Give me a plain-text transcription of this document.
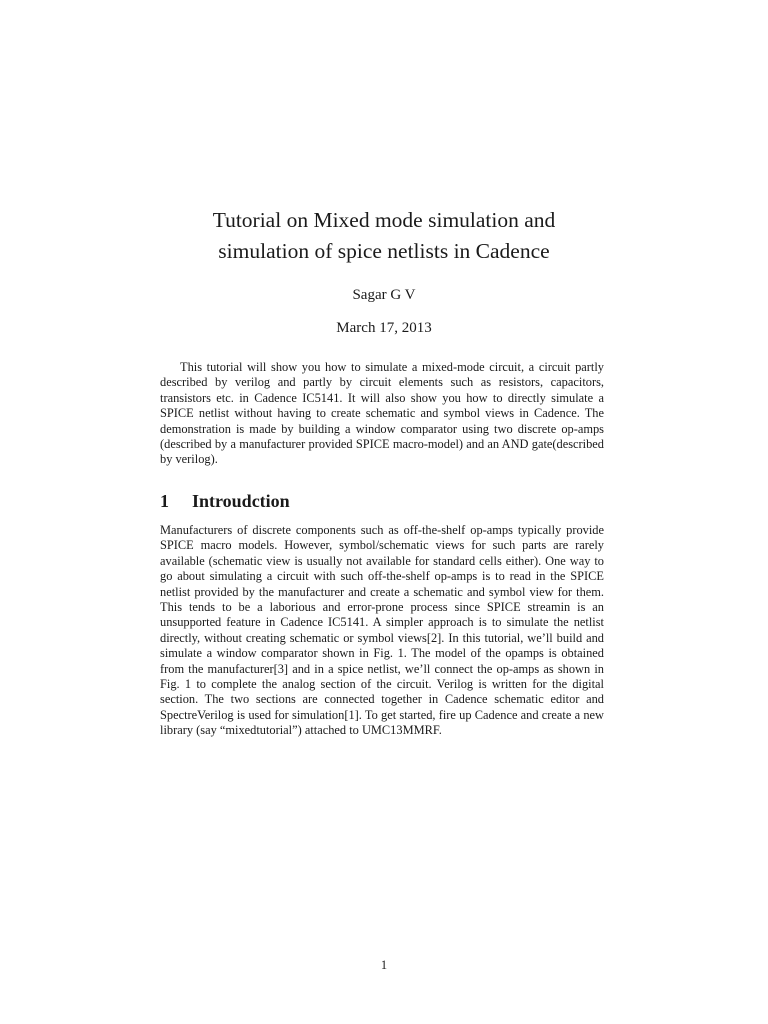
Tutorial on Mixed mode simulation and
simulation of spice netlists in Cadence

Sagar G V

March 17, 2013

This tutorial will show you how to simulate a mixed-mode circuit, a circuit partly described by verilog and partly by circuit elements such as resistors, capacitors, transistors etc. in Cadence IC5141. It will also show you how to directly simulate a SPICE netlist without having to create schematic and symbol views in Cadence. The demonstration is made by building a window comparator using two discrete op-amps (described by a manufacturer provided SPICE macro-model) and an AND gate(described by verilog).

1 Introudction

Manufacturers of discrete components such as off-the-shelf op-amps typically provide SPICE macro models. However, symbol/schematic views for such parts are rarely available (schematic view is usually not available for standard cells either). One way to go about simulating a circuit with such off-the-shelf op-amps is to read in the SPICE netlist provided by the manufacturer and create a schematic and symbol view for them. This tends to be a laborious and error-prone process since SPICE streamin is an unsupported feature in Cadence IC5141. A simpler approach is to simulate the netlist directly, without creating schematic or symbol views[2]. In this tutorial, we’ll build and simulate a window comparator shown in Fig. 1. The model of the opamps is obtained from the manufacturer[3] and in a spice netlist, we’ll connect the op-amps as shown in Fig. 1 to complete the analog section of the circuit. Verilog is written for the digital section. The two sections are connected together in Cadence schematic editor and SpectreVerilog is used for simulation[1]. To get started, fire up Cadence and create a new library (say “mixedtutorial”) attached to UMC13MMRF.

1
